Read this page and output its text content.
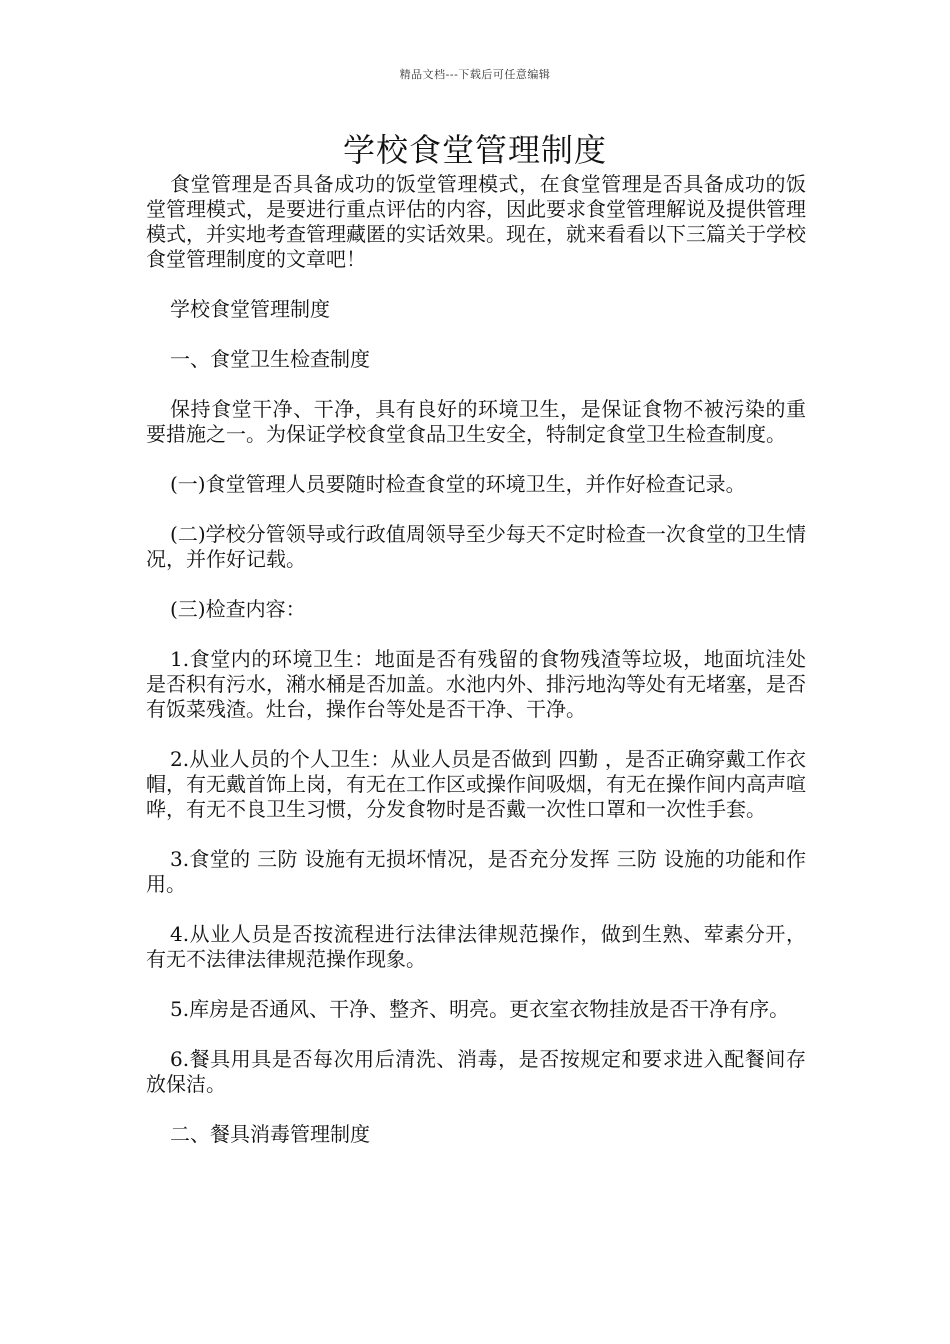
精品文档---下载后可任意编辑
学校食堂管理制度

食堂管理是否具备成功的饭堂管理模式，在食堂管理是否具备成功的饭堂管理模式，是要进行重点评估的内容，因此要求食堂管理解说及提供管理模式，并实地考查管理藏匿的实话效果。现在，就来看看以下三篇关于学校食堂管理制度的文章吧！

学校食堂管理制度

一、食堂卫生检查制度

保持食堂干净、干净，具有良好的环境卫生，是保证食物不被污染的重要措施之一。为保证学校食堂食品卫生安全，特制定食堂卫生检查制度。

(一)食堂管理人员要随时检查食堂的环境卫生，并作好检查记录。

(二)学校分管领导或行政值周领导至少每天不定时检查一次食堂的卫生情况，并作好记载。

(三)检查内容：

1.食堂内的环境卫生：地面是否有残留的食物残渣等垃圾，地面坑洼处是否积有污水，潲水桶是否加盖。水池内外、排污地沟等处有无堵塞，是否有饭菜残渣。灶台，操作台等处是否干净、干净。

2.从业人员的个人卫生：从业人员是否做到 四勤 ，是否正确穿戴工作衣帽，有无戴首饰上岗，有无在工作区或操作间吸烟，有无在操作间内高声喧哗，有无不良卫生习惯，分发食物时是否戴一次性口罩和一次性手套。

3.食堂的 三防 设施有无损坏情况，是否充分发挥 三防 设施的功能和作用。

4.从业人员是否按流程进行法律法律规范操作，做到生熟、荤素分开，有无不法律法律规范操作现象。

5.库房是否通风、干净、整齐、明亮。更衣室衣物挂放是否干净有序。

6.餐具用具是否每次用后清洗、消毒，是否按规定和要求进入配餐间存放保洁。

二、餐具消毒管理制度
